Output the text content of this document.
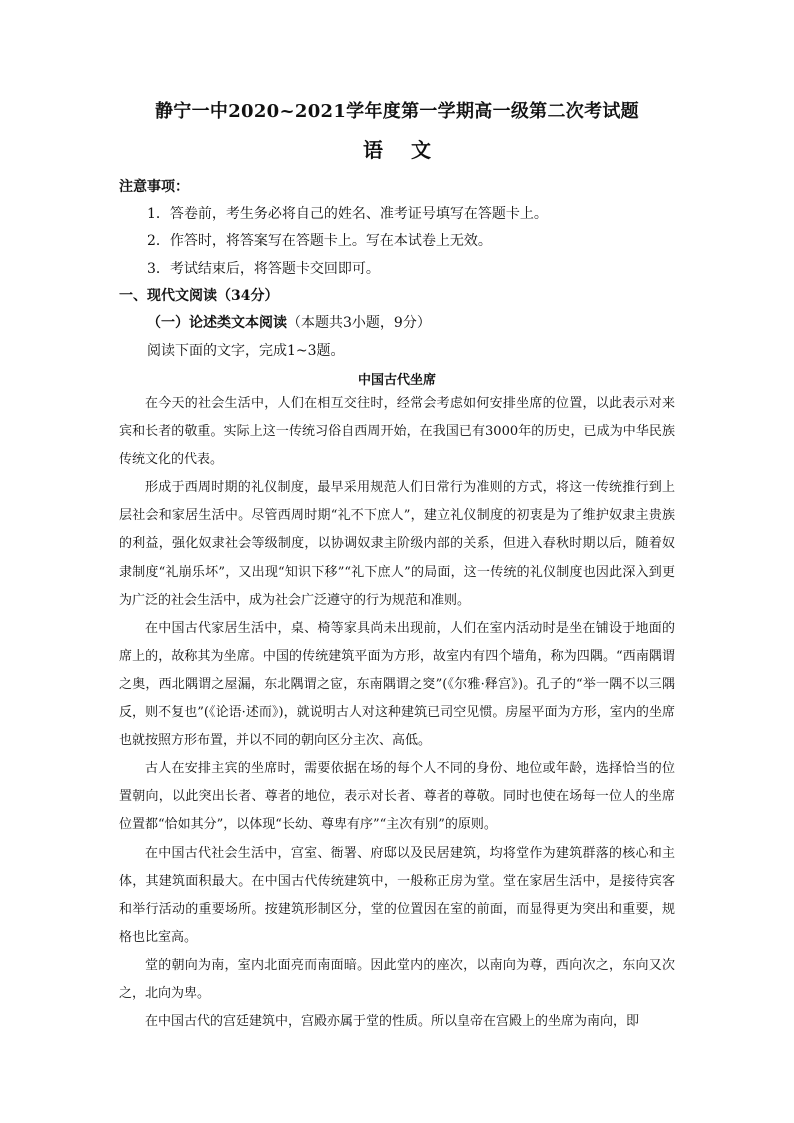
静宁一中2020~2021学年度第一学期高一级第二次考试题
语文
注意事项：
1．答卷前，考生务必将自己的姓名、准考证号填写在答题卡上。
2．作答时，将答案写在答题卡上。写在本试卷上无效。
3．考试结束后，将答题卡交回即可。
一、现代文阅读（34分）
（一）论述类文本阅读（本题共3小题，9分）
阅读下面的文字，完成1~3题。
中国古代坐席

在今天的社会生活中，人们在相互交往时，经常会考虑如何安排坐席的位置，以此表示对来宾和长者的敬重。实际上这一传统习俗自西周开始，在我国已有3000年的历史，已成为中华民族传统文化的代表。

形成于西周时期的礼仪制度，最早采用规范人们日常行为准则的方式，将这一传统推行到上层社会和家居生活中。尽管西周时期“礼不下庶人”，建立礼仪制度的初衷是为了维护奴隶主贵族的利益，强化奴隶社会等级制度，以协调奴隶主阶级内部的关系，但进入春秋时期以后，随着奴隶制度“礼崩乐坏”，又出现“知识下移”“礼下庶人”的局面，这一传统的礼仪制度也因此深入到更为广泛的社会生活中，成为社会广泛遵守的行为规范和准则。

在中国古代家居生活中，桌、椅等家具尚未出现前，人们在室内活动时是坐在铺设于地面的席上的，故称其为坐席。中国的传统建筑平面为方形，故室内有四个墙角，称为四隅。“西南隅谓之奥，西北隅谓之屋漏，东北隅谓之宧，东南隅谓之窔”(《尔雅·释宫》)。孔子的“举一隅不以三隅反，则不复也”(《论语·述而》)，就说明古人对这种建筑已司空见惯。房屋平面为方形，室内的坐席也就按照方形布置，并以不同的朝向区分主次、高低。

古人在安排主宾的坐席时，需要依据在场的每个人不同的身份、地位或年龄，选择恰当的位置朝向，以此突出长者、尊者的地位，表示对长者、尊者的尊敬。同时也使在场每一位人的坐席位置都“恰如其分”，以体现“长幼、尊卑有序”“主次有别”的原则。

在中国古代社会生活中，宫室、衙署、府邸以及民居建筑，均将堂作为建筑群落的核心和主体，其建筑面积最大。在中国古代传统建筑中，一般称正房为堂。堂在家居生活中，是接待宾客和举行活动的重要场所。按建筑形制区分，堂的位置因在室的前面，而显得更为突出和重要，规格也比室高。

堂的朝向为南，室内北面亮而南面暗。因此堂内的座次，以南向为尊，西向次之，东向又次之，北向为卑。

在中国古代的宫廷建筑中，宫殿亦属于堂的性质。所以皇帝在宫殿上的坐席为南向，即
